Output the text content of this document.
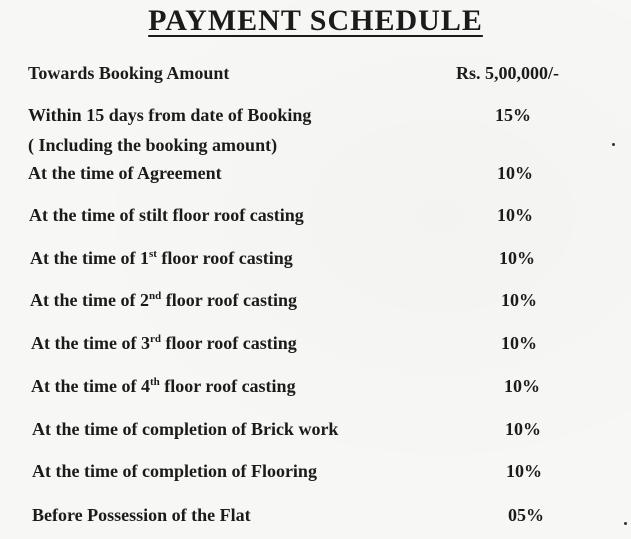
PAYMENT SCHEDULE
Towards Booking Amount	Rs. 5,00,000/-
Within 15 days from date of Booking	15%
( Including the booking amount)
At the time of Agreement	10%
At the time of stilt floor roof casting	10%
At the time of 1st floor roof casting	10%
At the time of 2nd floor roof casting	10%
At the time of 3rd floor roof casting	10%
At the time of 4th floor roof casting	10%
At the time of completion of Brick work	10%
At the time of completion of Flooring	10%
Before Possession of the Flat	05%
